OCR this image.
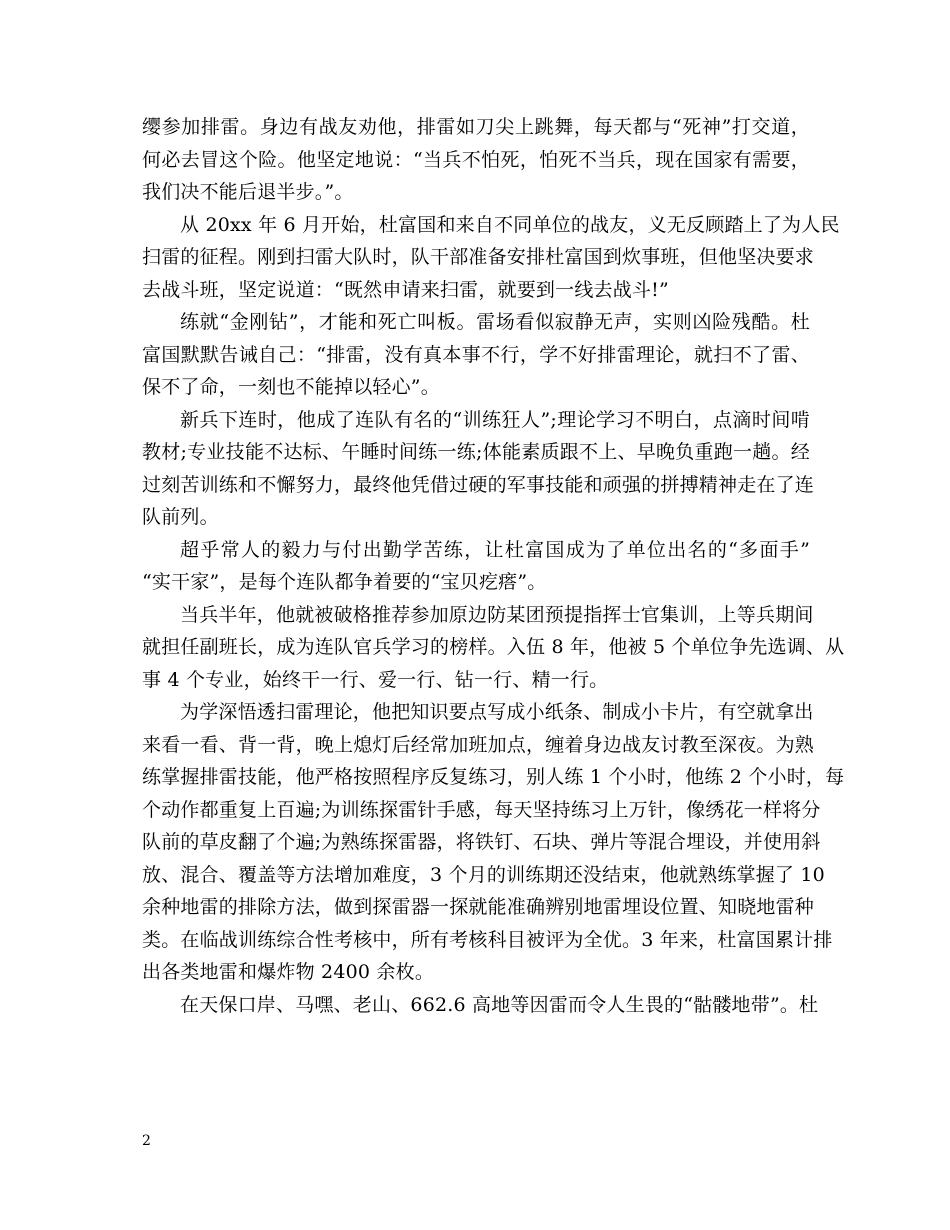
缨参加排雷。身边有战友劝他，排雷如刀尖上跳舞，每天都与“死神”打交道，
何必去冒这个险。他坚定地说：“当兵不怕死，怕死不当兵，现在国家有需要，
我们决不能后退半步。”。
从 20xx 年 6 月开始，杜富国和来自不同单位的战友，义无反顾踏上了为人民
扫雷的征程。刚到扫雷大队时，队干部准备安排杜富国到炊事班，但他坚决要求
去战斗班，坚定说道：“既然申请来扫雷，就要到一线去战斗!”
练就“金刚钻”，才能和死亡叫板。雷场看似寂静无声，实则凶险残酷。杜
富国默默告诫自己：“排雷，没有真本事不行，学不好排雷理论，就扫不了雷、
保不了命，一刻也不能掉以轻心”。
新兵下连时，他成了连队有名的“训练狂人”;理论学习不明白，点滴时间啃
教材;专业技能不达标、午睡时间练一练;体能素质跟不上、早晚负重跑一趟。经
过刻苦训练和不懈努力，最终他凭借过硬的军事技能和顽强的拼搏精神走在了连
队前列。
超乎常人的毅力与付出勤学苦练，让杜富国成为了单位出名的“多面手”
“实干家”，是每个连队都争着要的“宝贝疙瘩”。
当兵半年，他就被破格推荐参加原边防某团预提指挥士官集训，上等兵期间
就担任副班长，成为连队官兵学习的榜样。入伍 8 年，他被 5 个单位争先选调、从
事 4 个专业，始终干一行、爱一行、钻一行、精一行。
为学深悟透扫雷理论，他把知识要点写成小纸条、制成小卡片，有空就拿出
来看一看、背一背，晚上熄灯后经常加班加点，缠着身边战友讨教至深夜。为熟
练掌握排雷技能，他严格按照程序反复练习，别人练 1 个小时，他练 2 个小时，每
个动作都重复上百遍;为训练探雷针手感，每天坚持练习上万针，像绣花一样将分
队前的草皮翻了个遍;为熟练探雷器，将铁钉、石块、弹片等混合埋设，并使用斜
放、混合、覆盖等方法增加难度，3 个月的训练期还没结束，他就熟练掌握了 10
余种地雷的排除方法，做到探雷器一探就能准确辨别地雷埋设位置、知晓地雷种
类。在临战训练综合性考核中，所有考核科目被评为全优。3 年来，杜富国累计排
出各类地雷和爆炸物 2400 余枚。
在天保口岸、马嘿、老山、662.6 高地等因雷而令人生畏的“骷髅地带”。杜
2
